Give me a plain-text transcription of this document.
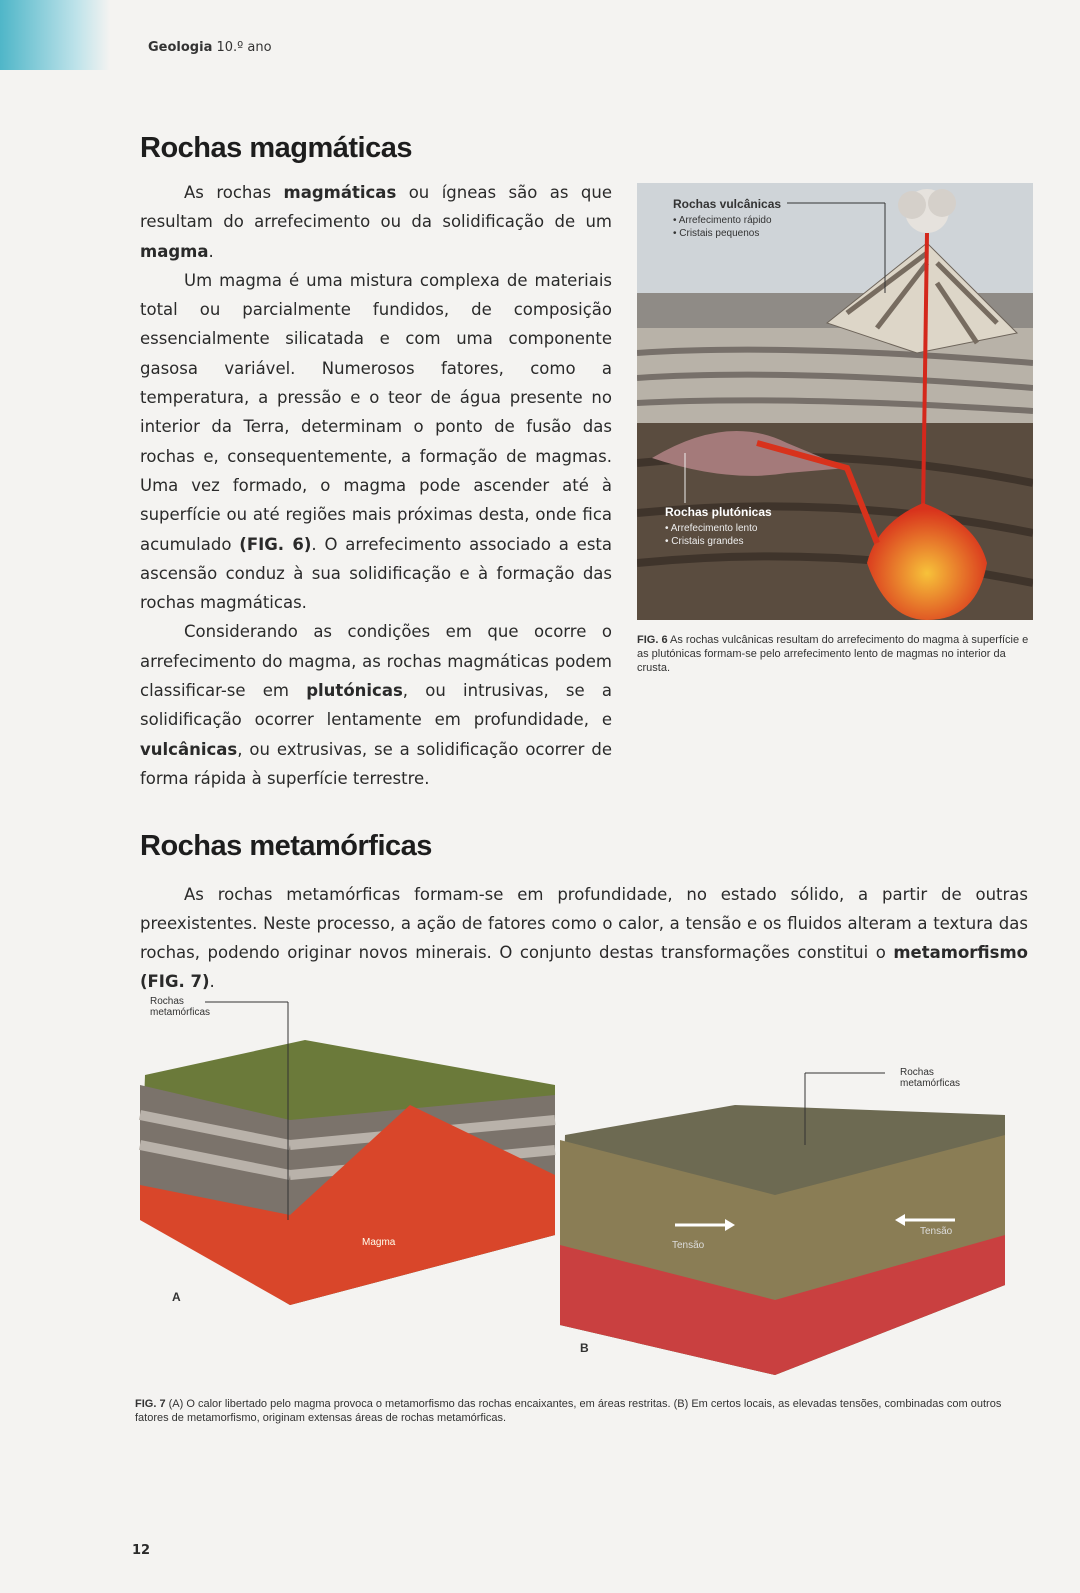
Geologia 10.º ano
Rochas magmáticas

As rochas magmáticas ou ígneas são as que resultam do arrefecimento ou da solidificação de um magma.

Um magma é uma mistura complexa de materiais total ou parcialmente fundidos, de composição essencialmente silicatada e com uma componente gasosa variável. Numerosos fatores, como a temperatura, a pressão e o teor de água presente no interior da Terra, determinam o ponto de fusão das rochas e, consequentemente, a formação de magmas. Uma vez formado, o magma pode ascender até à superfície ou até regiões mais próximas desta, onde fica acumulado (FIG. 6). O arrefecimento associado a esta ascensão conduz à sua solidificação e à formação das rochas magmáticas.

Considerando as condições em que ocorre o arrefecimento do magma, as rochas magmáticas podem classificar-se em plutónicas, ou intrusivas, se a solidificação ocorrer lentamente em profundidade, e vulcânicas, ou extrusivas, se a solidificação ocorrer de forma rápida à superfície terrestre.

Rochas vulcânicas
• Arrefecimento rápido
• Cristais pequenos
Rochas plutónicas
• Arrefecimento lento
• Cristais grandes
FIG. 6 As rochas vulcânicas resultam do arrefecimento do magma à superfície e as plutónicas formam-se pelo arrefecimento lento de magmas no interior da crusta.
Rochas metamórficas

As rochas metamórficas formam-se em profundidade, no estado sólido, a partir de outras preexistentes. Neste processo, a ação de fatores como o calor, a tensão e os fluidos alteram a textura das rochas, podendo originar novos minerais. O conjunto destas transformações constitui o metamorfismo (FIG. 7).

Rochas metamórficas
Magma
A
Rochas metamórficas
Tensão
Tensão
B
FIG. 7 (A) O calor libertado pelo magma provoca o metamorfismo das rochas encaixantes, em áreas restritas. (B) Em certos locais, as elevadas tensões, combinadas com outros fatores de metamorfismo, originam extensas áreas de rochas metamórficas.
12
